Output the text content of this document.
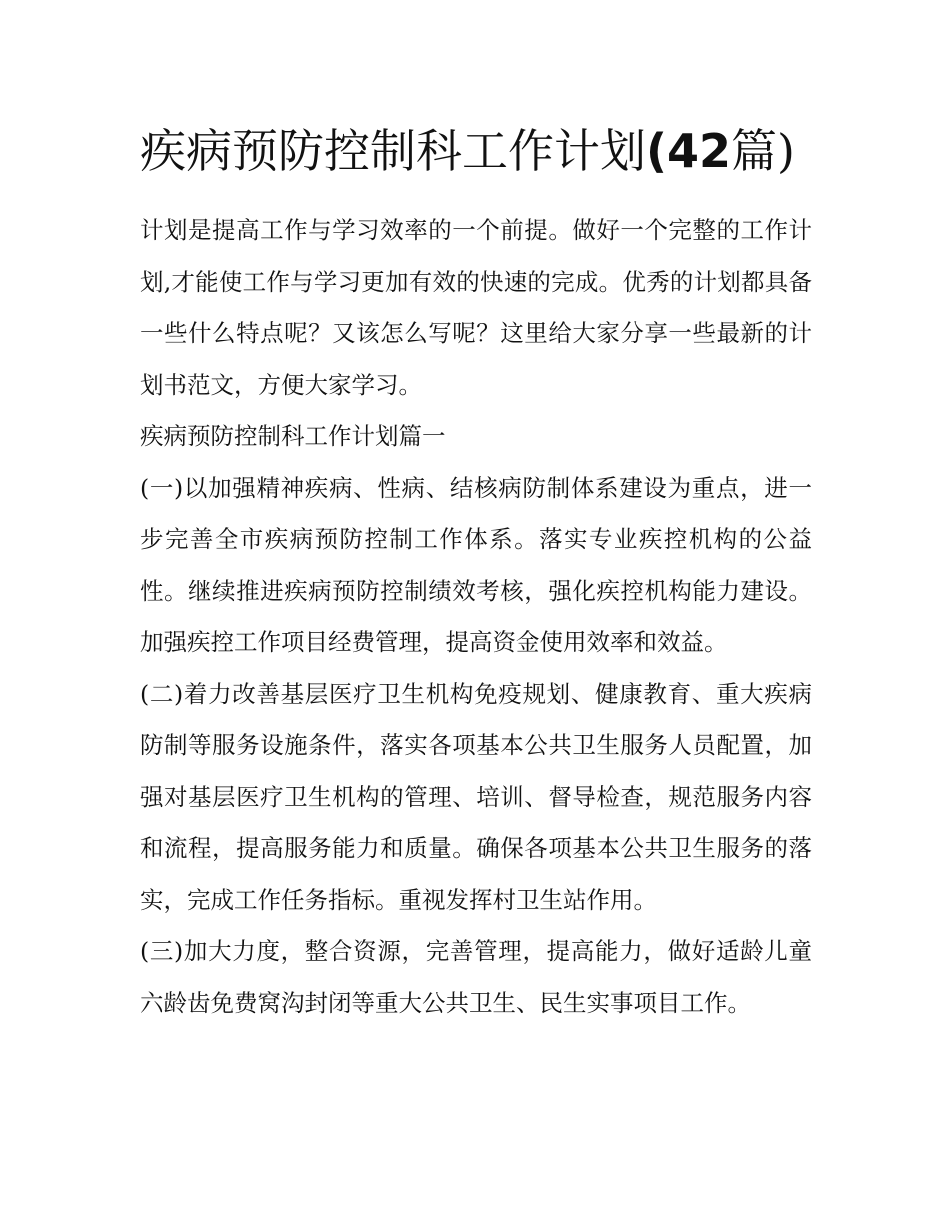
疾病预防控制科工作计划(42篇)

计划是提高工作与学习效率的一个前提。做好一个完整的工作计划,才能使工作与学习更加有效的快速的完成。优秀的计划都具备一些什么特点呢？又该怎么写呢？这里给大家分享一些最新的计划书范文，方便大家学习。

疾病预防控制科工作计划篇一

(一)以加强精神疾病、性病、结核病防制体系建设为重点，进一步完善全市疾病预防控制工作体系。落实专业疾控机构的公益性。继续推进疾病预防控制绩效考核，强化疾控机构能力建设。加强疾控工作项目经费管理，提高资金使用效率和效益。

(二)着力改善基层医疗卫生机构免疫规划、健康教育、重大疾病防制等服务设施条件，落实各项基本公共卫生服务人员配置，加强对基层医疗卫生机构的管理、培训、督导检查，规范服务内容和流程，提高服务能力和质量。确保各项基本公共卫生服务的落实，完成工作任务指标。重视发挥村卫生站作用。

(三)加大力度，整合资源，完善管理，提高能力，做好适龄儿童六龄齿免费窝沟封闭等重大公共卫生、民生实事项目工作。
